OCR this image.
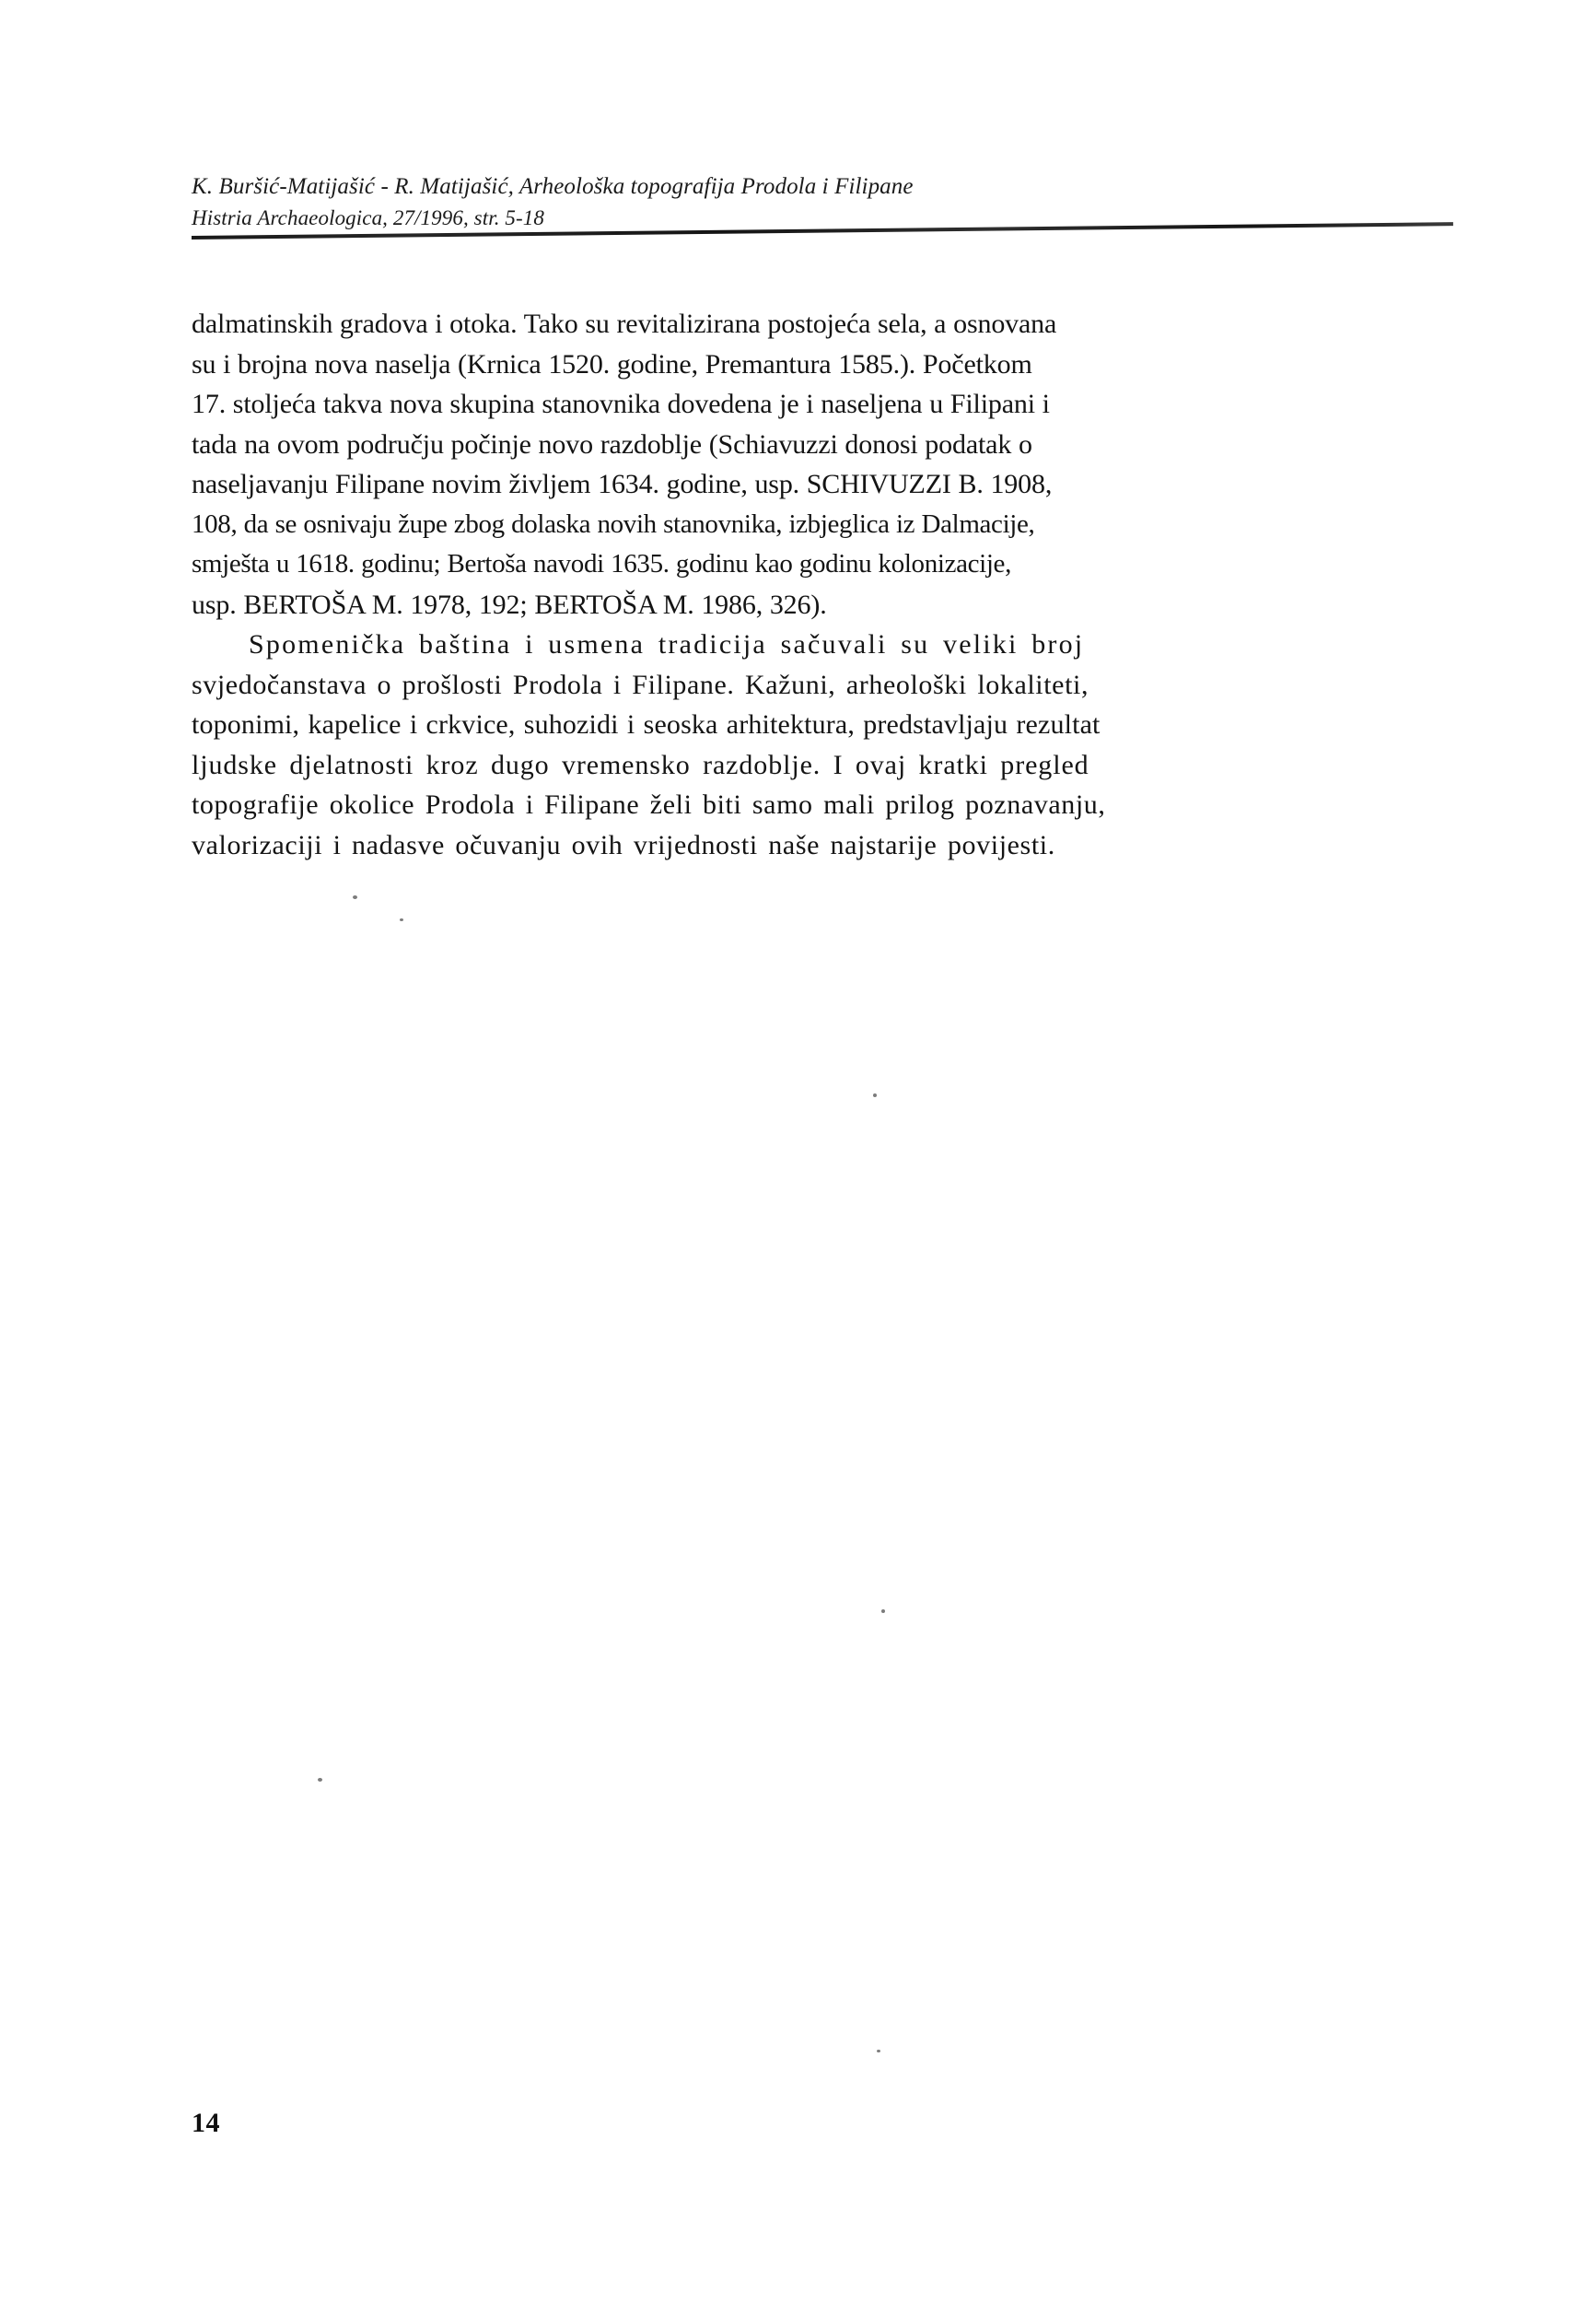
K. Buršić-Matijašić - R. Matijašić, Arheološka topografija Prodola i Filipane
Histria Archaeologica, 27/1996, str. 5-18

dalmatinskih gradova i otoka. Tako su revitalizirana postojeća sela, a osnovana
su i brojna nova naselja (Krnica 1520. godine, Premantura 1585.). Početkom
17. stoljeća takva nova skupina stanovnika dovedena je i naseljena u Filipani i
tada na ovom području počinje novo razdoblje (Schiavuzzi donosi podatak o
naseljavanju Filipane novim življem 1634. godine, usp. SCHIVUZZI B. 1908,
108, da se osnivaju župe zbog dolaska novih stanovnika, izbjeglica iz Dalmacije,
smješta u 1618. godinu; Bertoša navodi 1635. godinu kao godinu kolonizacije,
usp. BERTOŠA M. 1978, 192; BERTOŠA M. 1986, 326).

Spomenička baština i usmena tradicija sačuvali su veliki broj
svjedočanstava o prošlosti Prodola i Filipane. Kažuni, arheološki lokaliteti,
toponimi, kapelice i crkvice, suhozidi i seoska arhitektura, predstavljaju rezultat
ljudske djelatnosti kroz dugo vremensko razdoblje. I ovaj kratki pregled
topografije okolice Prodola i Filipane želi biti samo mali prilog poznavanju,
valorizaciji i nadasve očuvanju ovih vrijednosti naše najstarije povijesti.

14
